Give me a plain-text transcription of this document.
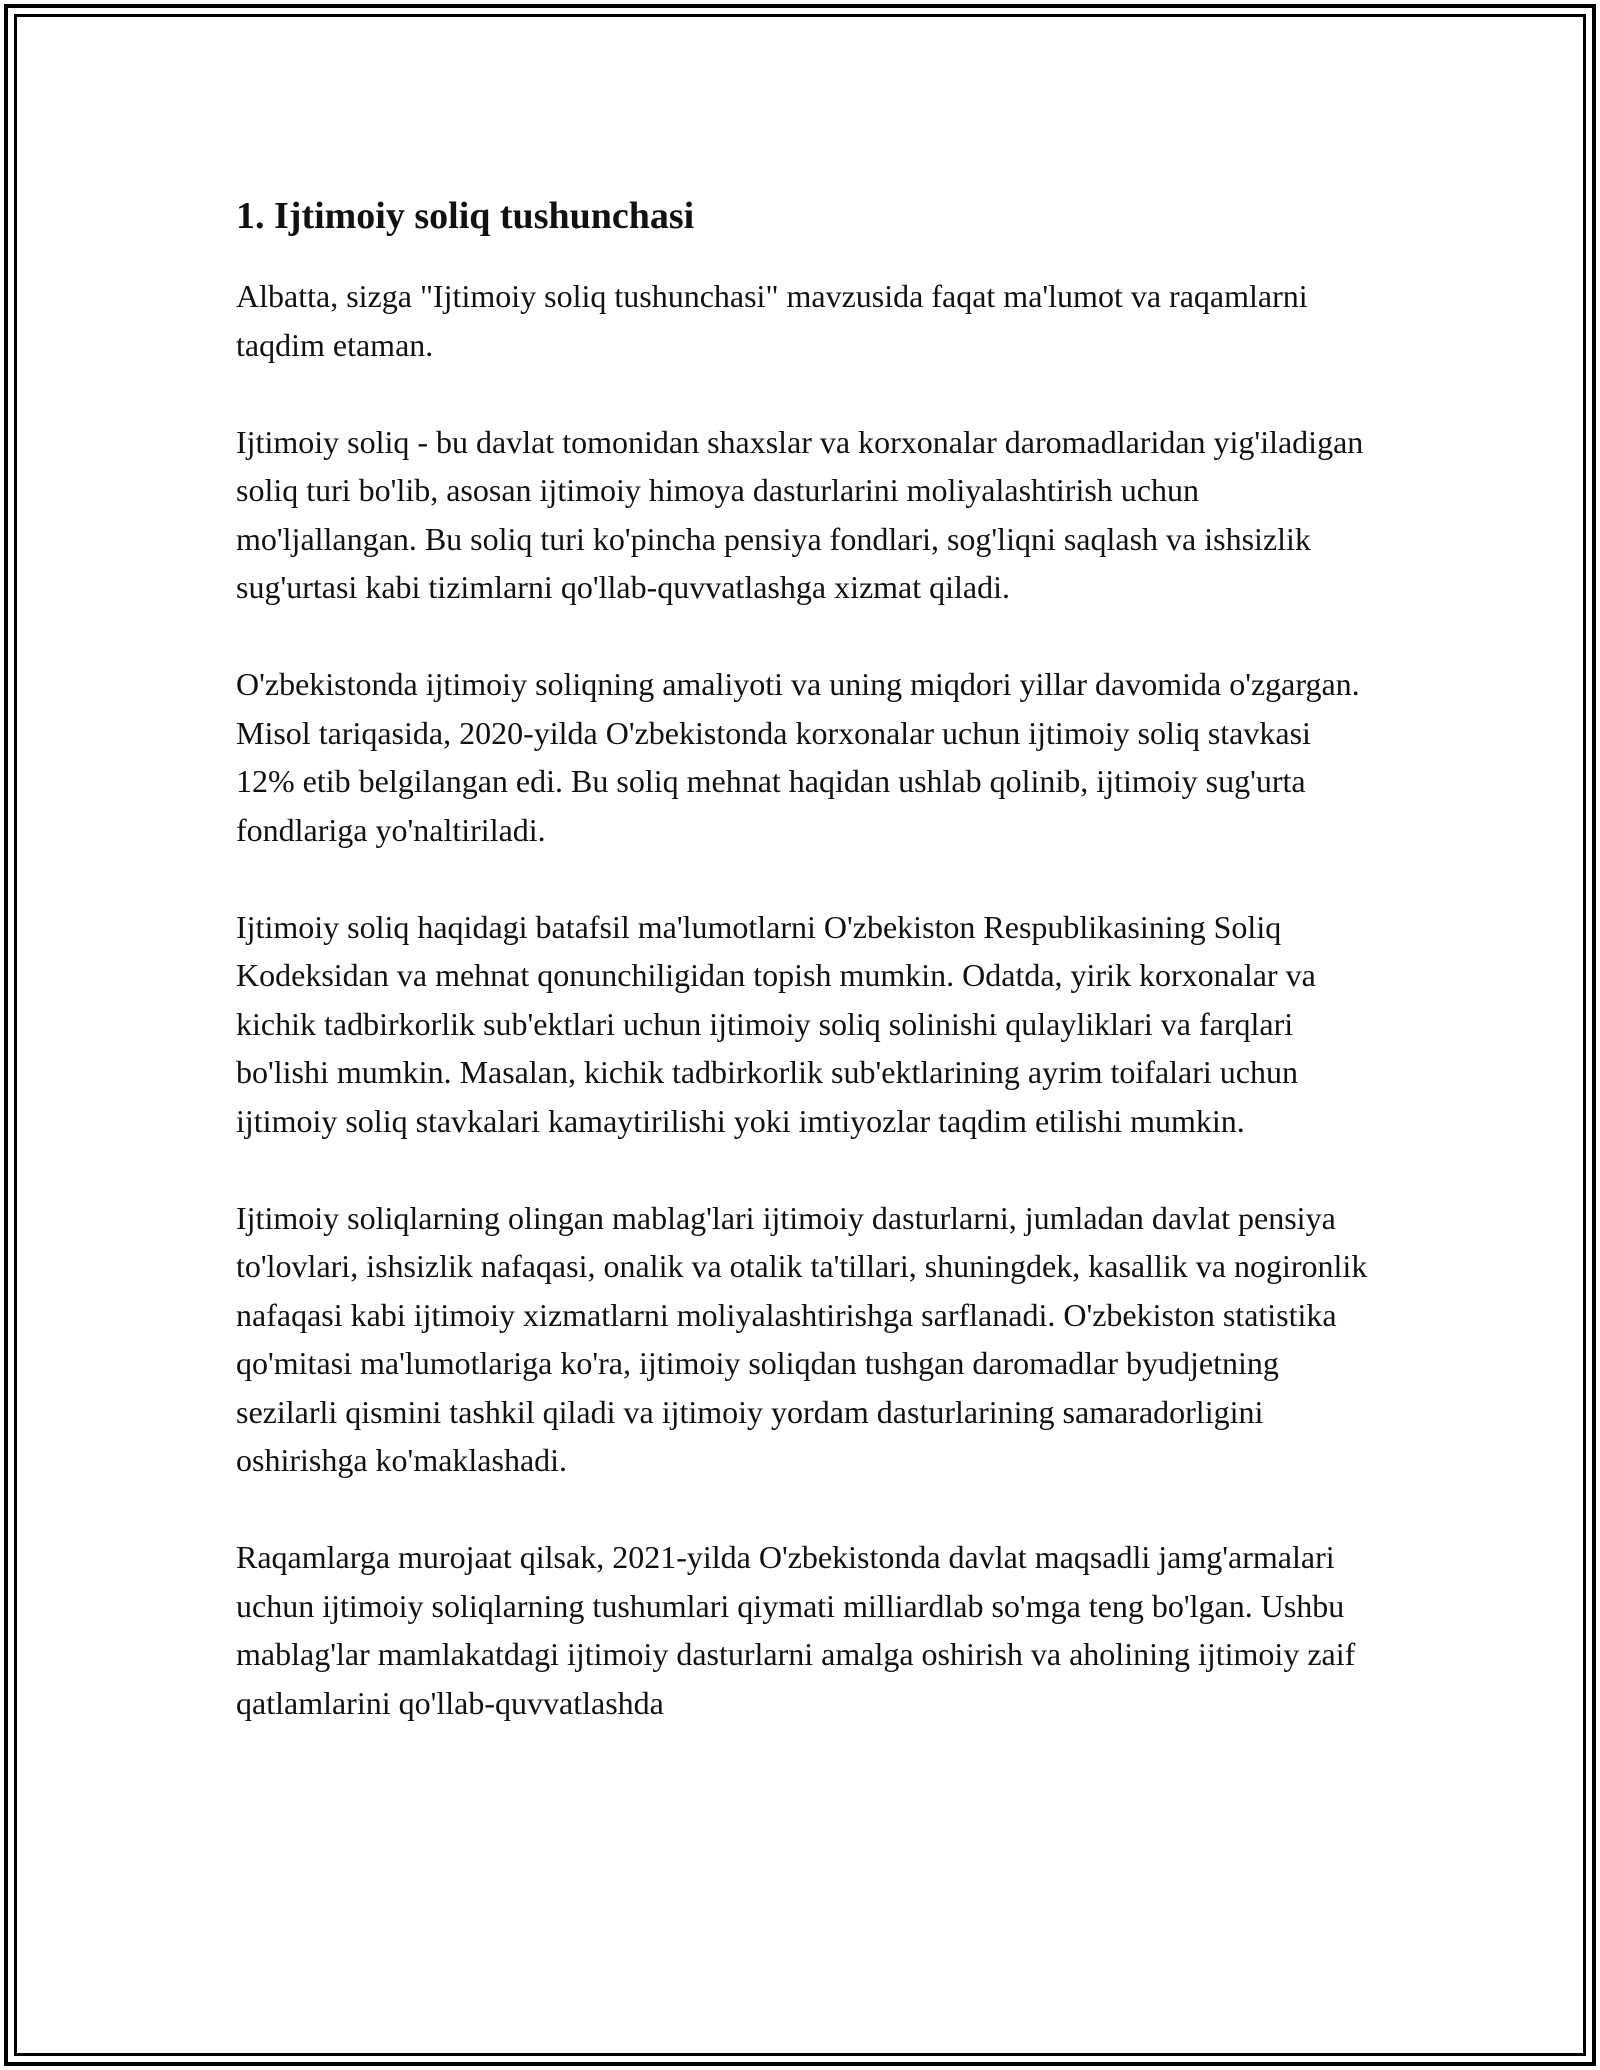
1. Ijtimoiy soliq tushunchasi

Albatta, sizga "Ijtimoiy soliq tushunchasi" mavzusida faqat ma'lumot va raqamlarni taqdim etaman.

Ijtimoiy soliq - bu davlat tomonidan shaxslar va korxonalar daromadlaridan yig'iladigan soliq turi bo'lib, asosan ijtimoiy himoya dasturlarini moliyalashtirish uchun mo'ljallangan. Bu soliq turi ko'pincha pensiya fondlari, sog'liqni saqlash va ishsizlik sug'urtasi kabi tizimlarni qo'llab-quvvatlashga xizmat qiladi.

O'zbekistonda ijtimoiy soliqning amaliyoti va uning miqdori yillar davomida o'zgargan. Misol tariqasida, 2020-yilda O'zbekistonda korxonalar uchun ijtimoiy soliq stavkasi 12% etib belgilangan edi. Bu soliq mehnat haqidan ushlab qolinib, ijtimoiy sug'urta fondlariga yo'naltiriladi.

Ijtimoiy soliq haqidagi batafsil ma'lumotlarni O'zbekiston Respublikasining Soliq Kodeksidan va mehnat qonunchiligidan topish mumkin. Odatda, yirik korxonalar va kichik tadbirkorlik sub'ektlari uchun ijtimoiy soliq solinishi qulayliklari va farqlari bo'lishi mumkin. Masalan, kichik tadbirkorlik sub'ektlarining ayrim toifalari uchun ijtimoiy soliq stavkalari kamaytirilishi yoki imtiyozlar taqdim etilishi mumkin.

Ijtimoiy soliqlarning olingan mablag'lari ijtimoiy dasturlarni, jumladan davlat pensiya to'lovlari, ishsizlik nafaqasi, onalik va otalik ta'tillari, shuningdek, kasallik va nogironlik nafaqasi kabi ijtimoiy xizmatlarni moliyalashtirishga sarflanadi. O'zbekiston statistika qo'mitasi ma'lumotlariga ko'ra, ijtimoiy soliqdan tushgan daromadlar byudjetning sezilarli qismini tashkil qiladi va ijtimoiy yordam dasturlarining samaradorligini oshirishga ko'maklashadi.

Raqamlarga murojaat qilsak, 2021-yilda O'zbekistonda davlat maqsadli jamg'armalari uchun ijtimoiy soliqlarning tushumlari qiymati milliardlab so'mga teng bo'lgan. Ushbu mablag'lar mamlakatdagi ijtimoiy dasturlarni amalga oshirish va aholining ijtimoiy zaif qatlamlarini qo'llab-quvvatlashda
